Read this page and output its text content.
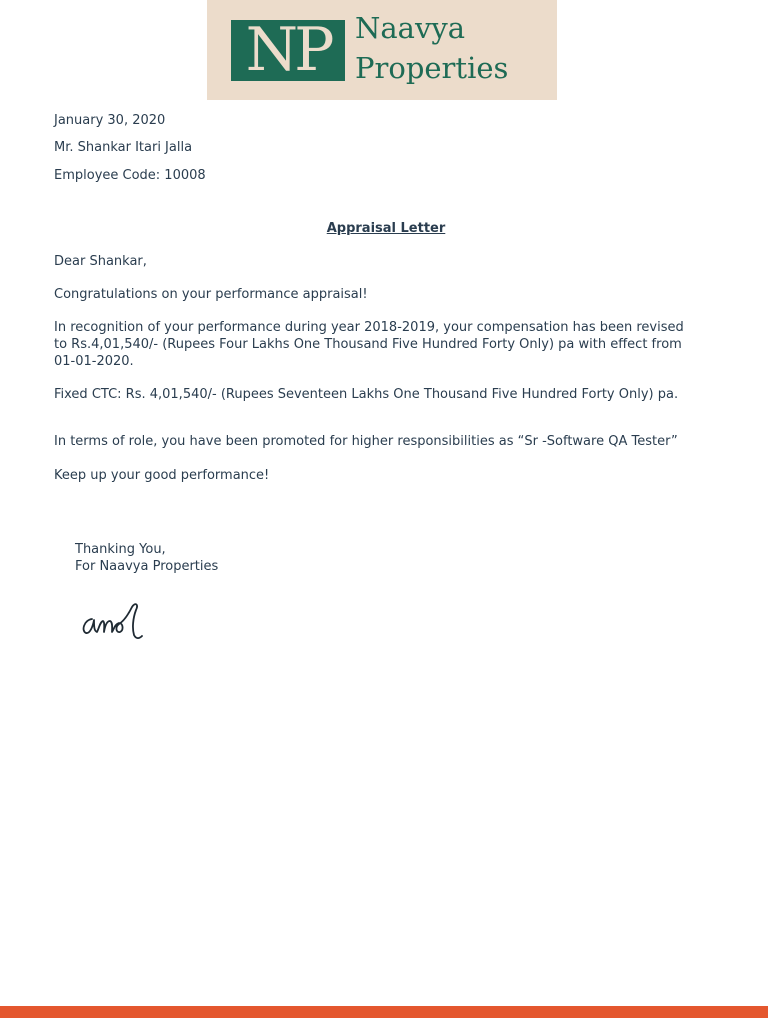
NP Naavya
Properties
January 30, 2020
Mr. Shankar Itari Jalla
Employee Code: 10008
Appraisal Letter
Dear Shankar,
Congratulations on your performance appraisal!
In recognition of your performance during year 2018-2019, your compensation has been revised to Rs.4,01,540/- (Rupees Four Lakhs One Thousand Five Hundred Forty Only) pa with effect from 01-01-2020.
Fixed CTC: Rs. 4,01,540/- (Rupees Seventeen Lakhs One Thousand Five Hundred Forty Only) pa.
In terms of role, you have been promoted for higher responsibilities as “Sr -Software QA Tester”
Keep up your good performance!
Thanking You,
For Naavya Properties
